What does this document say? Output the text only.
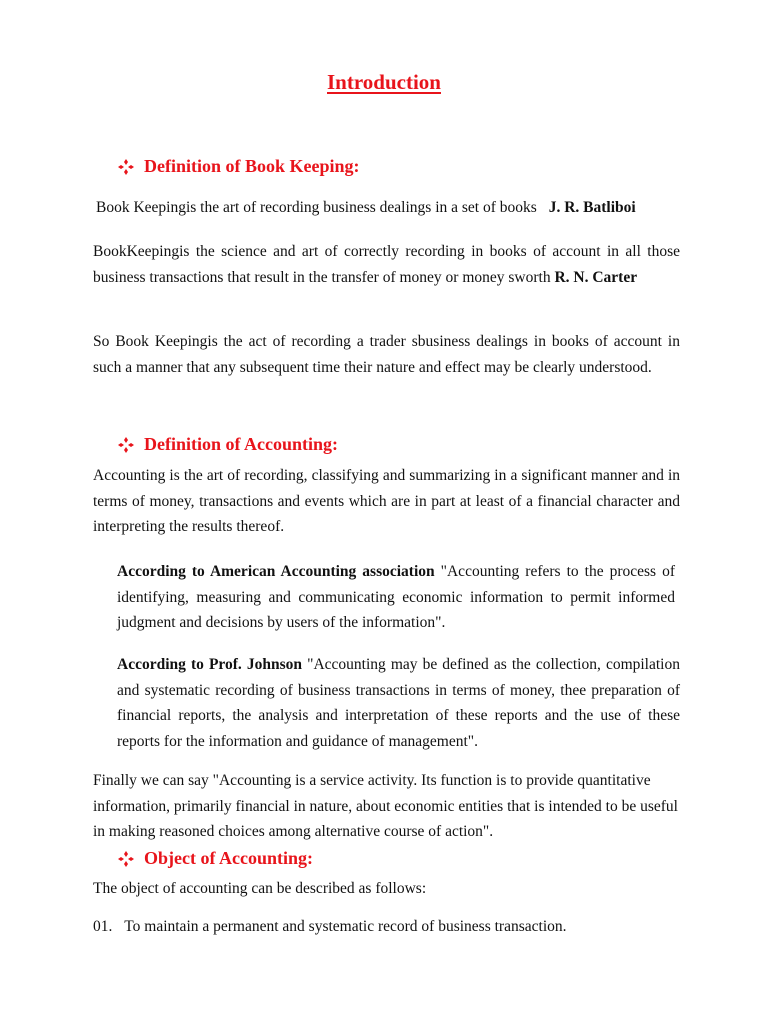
Introduction
Definition of Book Keeping:
Book Keepingis the art of recording business dealings in a set of books J. R. Batliboi

BookKeepingis the science and art of correctly recording in books of account in all those business transactions that result in the transfer of money or money sworth R. N. Carter

So Book Keepingis the act of recording a trader sbusiness dealings in books of account in such a manner that any subsequent time their nature and effect may be clearly understood.

Definition of Accounting:

Accounting is the art of recording, classifying and summarizing in a significant manner and in terms of money, transactions and events which are in part at least of a financial character and interpreting the results thereof.

According to American Accounting association "Accounting refers to the process of identifying, measuring and communicating economic information to permit informed judgment and decisions by users of the information".

According to Prof. Johnson "Accounting may be defined as the collection, compilation and systematic recording of business transactions in terms of money, thee preparation of financial reports, the analysis and interpretation of these reports and the use of these reports for the information and guidance of management".

Finally we can say "Accounting is a service activity. Its function is to provide quantitative information, primarily financial in nature, about economic entities that is intended to be useful in making reasoned choices among alternative course of action".

Object of Accounting:
The object of accounting can be described as follows:
01. To maintain a permanent and systematic record of business transaction.
